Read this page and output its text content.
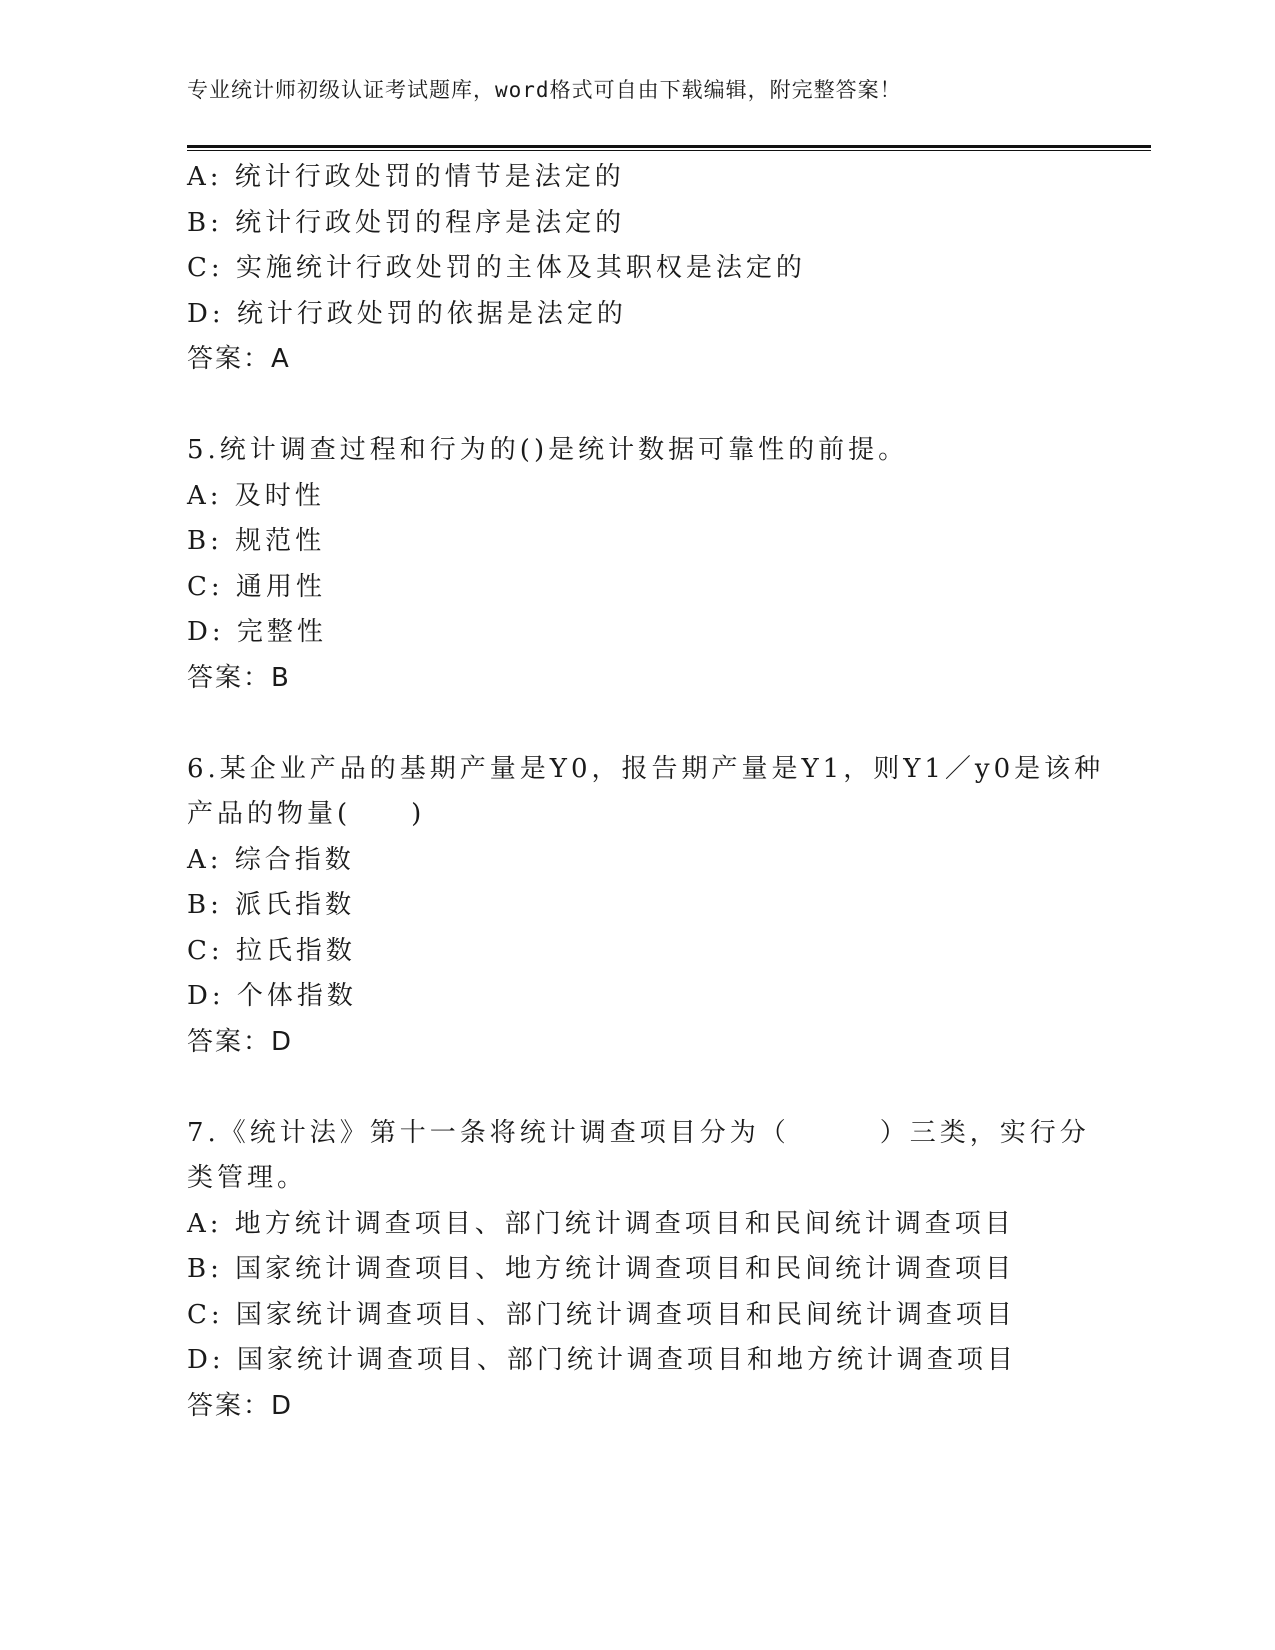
专业统计师初级认证考试题库，word格式可自由下载编辑，附完整答案！
A: 统计行政处罚的情节是法定的
B: 统计行政处罚的程序是法定的
C: 实施统计行政处罚的主体及其职权是法定的
D: 统计行政处罚的依据是法定的
答案：A
5.统计调查过程和行为的()是统计数据可靠性的前提。
A: 及时性
B: 规范性
C: 通用性
D: 完整性
答案：B
6.某企业产品的基期产量是Y0，报告期产量是Y1，则Y1／y0是该种
产品的物量(　　)
A: 综合指数
B: 派氏指数
C: 拉氏指数
D: 个体指数
答案：D
7.《统计法》第十一条将统计调查项目分为（　　　）三类，实行分
类管理。
A: 地方统计调查项目、部门统计调查项目和民间统计调查项目
B: 国家统计调查项目、地方统计调查项目和民间统计调查项目
C: 国家统计调查项目、部门统计调查项目和民间统计调查项目
D: 国家统计调查项目、部门统计调查项目和地方统计调查项目
答案：D
